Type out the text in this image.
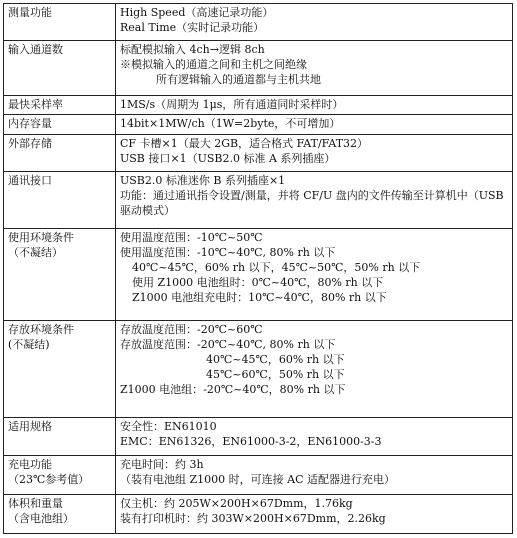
测量功能	High Speed（高速记录功能）
Real Time（实时记录功能）

输入通道数	标配模拟输入 4ch→逻辑 8ch
※模拟输入的通道之间和主机之间绝缘
所有逻辑输入的通道都与主机共地

最快采样率	1MS/s（周期为 1μs，所有通道同时采样时）

内存容量	14bit×1MW/ch（1W=2byte，不可增加）

外部存储	CF 卡槽×1（最大 2GB，适合格式 FAT/FAT32）
USB 接口×1（USB2.0 标准 A 系列插座）

通讯接口	USB2.0 标准迷你 B 系列插座×1
功能：通过通讯指令设置/测量，并将 CF/U 盘内的文件传输至计算机中（USB 驱动模式）

使用环境条件
（不凝结）	使用温度范围：-10℃~50℃
使用温度范围：-10℃~40℃, 80% rh 以下
40℃~45℃，60% rh 以下，45℃~50℃，50% rh 以下
使用 Z1000 电池组时：0℃~40℃，80% rh 以下
Z1000 电池组充电时：10℃~40℃，80% rh 以下

存放环境条件
(不凝结)	存放温度范围：-20℃~60℃
存放温度范围：-20℃~40℃, 80% rh 以下
40℃~45℃，60% rh 以下
45℃~60℃，50% rh 以下
Z1000 电池组：-20℃~40℃，80% rh 以下

适用规格	安全性：EN61010
EMC：EN61326，EN61000-3-2，EN61000-3-3

充电功能
（23℃参考值）	充电时间：约 3h
（装有电池组 Z1000 时，可连接 AC 适配器进行充电）

体积和重量
（含电池组）	仅主机：约 205W×200H×67Dmm，1.76kg
装有打印机时：约 303W×200H×67Dmm，2.26kg
